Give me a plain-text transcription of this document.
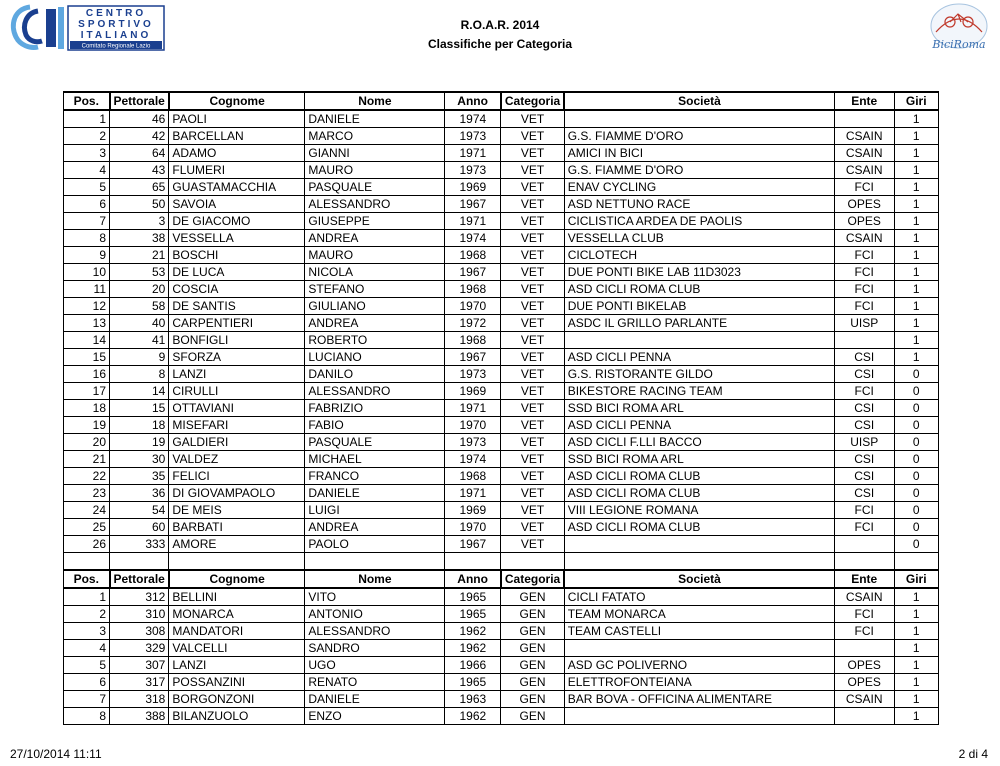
CENTRO
SPORTIVO
ITALIANO
Comitato Regionale Lazio	BiciRoma
R.O.A.R. 2014
Classifiche per Categoria
Pos.	Pettorale	Cognome	Nome	Anno	Categoria	Società	Ente	Giri
1	46	PAOLI	DANIELE	1974	VET			1
2	42	BARCELLAN	MARCO	1973	VET	G.S. FIAMME D'ORO	CSAIN	1
3	64	ADAMO	GIANNI	1971	VET	AMICI IN BICI	CSAIN	1
4	43	FLUMERI	MAURO	1973	VET	G.S. FIAMME D'ORO	CSAIN	1
5	65	GUASTAMACCHIA	PASQUALE	1969	VET	ENAV CYCLING	FCI	1
6	50	SAVOIA	ALESSANDRO	1967	VET	ASD NETTUNO RACE	OPES	1
7	3	DE GIACOMO	GIUSEPPE	1971	VET	CICLISTICA ARDEA DE PAOLIS	OPES	1
8	38	VESSELLA	ANDREA	1974	VET	VESSELLA CLUB	CSAIN	1
9	21	BOSCHI	MAURO	1968	VET	CICLOTECH	FCI	1
10	53	DE LUCA	NICOLA	1967	VET	DUE PONTI BIKE LAB 11D3023	FCI	1
11	20	COSCIA	STEFANO	1968	VET	ASD CICLI ROMA CLUB	FCI	1
12	58	DE SANTIS	GIULIANO	1970	VET	DUE PONTI BIKELAB	FCI	1
13	40	CARPENTIERI	ANDREA	1972	VET	ASDC IL GRILLO PARLANTE	UISP	1
14	41	BONFIGLI	ROBERTO	1968	VET			1
15	9	SFORZA	LUCIANO	1967	VET	ASD CICLI PENNA	CSI	1
16	8	LANZI	DANILO	1973	VET	G.S. RISTORANTE GILDO	CSI	0
17	14	CIRULLI	ALESSANDRO	1969	VET	BIKESTORE RACING TEAM	FCI	0
18	15	OTTAVIANI	FABRIZIO	1971	VET	SSD BICI ROMA ARL	CSI	0
19	18	MISEFARI	FABIO	1970	VET	ASD CICLI PENNA	CSI	0
20	19	GALDIERI	PASQUALE	1973	VET	ASD CICLI F.LLI BACCO	UISP	0
21	30	VALDEZ	MICHAEL	1974	VET	SSD BICI ROMA ARL	CSI	0
22	35	FELICI	FRANCO	1968	VET	ASD CICLI ROMA CLUB	CSI	0
23	36	DI GIOVAMPAOLO	DANIELE	1971	VET	ASD CICLI ROMA CLUB	CSI	0
24	54	DE MEIS	LUIGI	1969	VET	VIII LEGIONE ROMANA	FCI	0
25	60	BARBATI	ANDREA	1970	VET	ASD CICLI ROMA CLUB	FCI	0
26	333	AMORE	PAOLO	1967	VET			0

Pos.	Pettorale	Cognome	Nome	Anno	Categoria	Società	Ente	Giri
1	312	BELLINI	VITO	1965	GEN	CICLI FATATO	CSAIN	1
2	310	MONARCA	ANTONIO	1965	GEN	TEAM MONARCA	FCI	1
3	308	MANDATORI	ALESSANDRO	1962	GEN	TEAM CASTELLI	FCI	1
4	329	VALCELLI	SANDRO	1962	GEN			1
5	307	LANZI	UGO	1966	GEN	ASD GC POLIVERNO	OPES	1
6	317	POSSANZINI	RENATO	1965	GEN	ELETTROFONTEIANA	OPES	1
7	318	BORGONZONI	DANIELE	1963	GEN	BAR BOVA - OFFICINA ALIMENTARE	CSAIN	1
8	388	BILANZUOLO	ENZO	1962	GEN			1
27/10/2014 11:11	2 di 4
